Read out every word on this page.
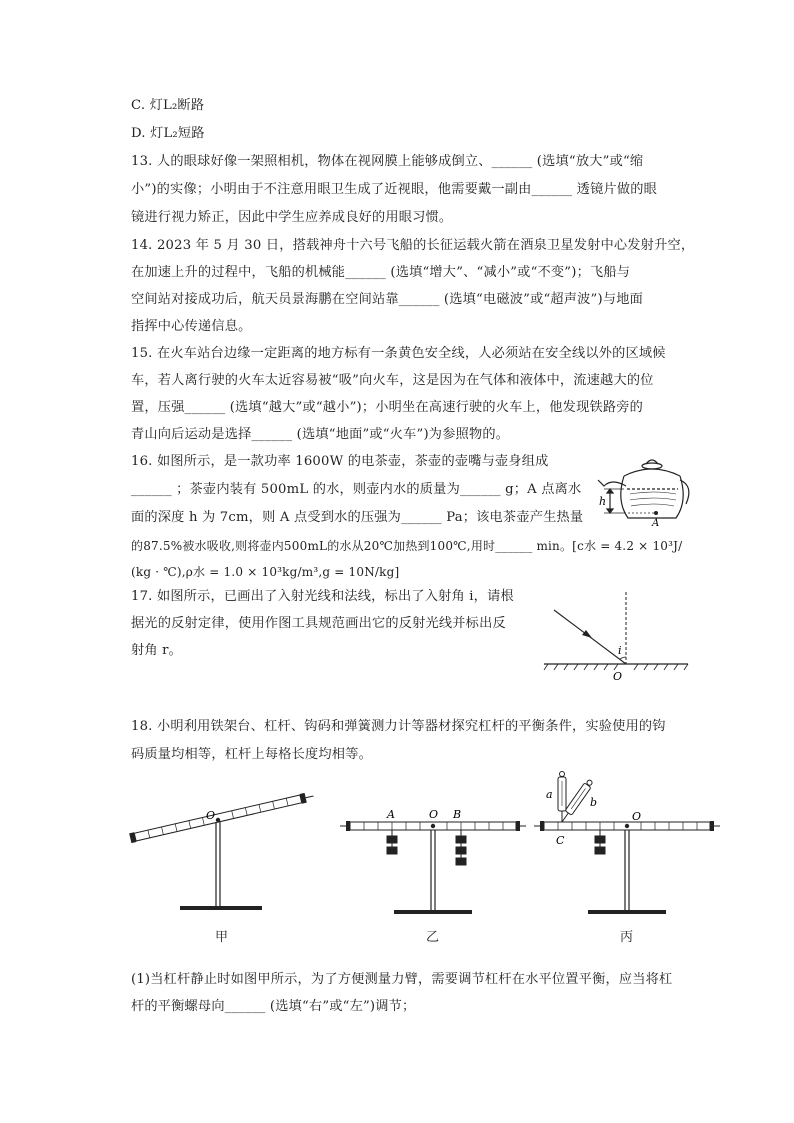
C. 灯L₂断路
D. 灯L₂短路
13. 人的眼球好像一架照相机，物体在视网膜上能够成倒立、______ (选填“放大”或“缩
小”)的实像；小明由于不注意用眼卫生成了近视眼，他需要戴一副由______ 透镜片做的眼
镜进行视力矫正，因此中学生应养成良好的用眼习惯。
14. 2023 年 5 月 30 日，搭载神舟十六号飞船的长征运载火箭在酒泉卫星发射中心发射升空，
在加速上升的过程中，飞船的机械能______ (选填“增大”、“减小”或“不变”)；飞船与
空间站对接成功后，航天员景海鹏在空间站靠______ (选填“电磁波”或“超声波”)与地面
指挥中心传递信息。
15. 在火车站台边缘一定距离的地方标有一条黄色安全线，人必须站在安全线以外的区域候
车，若人离行驶的火车太近容易被“吸”向火车，这是因为在气体和液体中，流速越大的位
置，压强______ (选填“越大”或“越小”)；小明坐在高速行驶的火车上，他发现铁路旁的
青山向后运动是选择______ (选填“地面”或“火车”)为参照物的。
16. 如图所示，是一款功率 1600W 的电茶壶，茶壶的壶嘴与壶身组成
______ ；茶壶内装有 500mL 的水，则壶内水的质量为______ g；A 点离水
面的深度 h 为 7cm，则 A 点受到水的压强为______ Pa；该电茶壶产生热量
的87.5%被水吸收,则将壶内500mL的水从20℃加热到100℃,用时______ min。[c水 = 4.2 × 10³J/
(kg · ℃),ρ水 = 1.0 × 10³kg/m³,g = 10N/kg]
17. 如图所示，已画出了入射光线和法线，标出了入射角 i，请根
据光的反射定律，使用作图工具规范画出它的反射光线并标出反
射角 r。
18. 小明利用铁架台、杠杆、钩码和弹簧测力计等器材探究杠杆的平衡条件，实验使用的钩
码质量均相等，杠杆上每格长度均相等。
(1)当杠杆静止时如图甲所示，为了方便测量力臂，需要调节杠杆在水平位置平衡，应当将杠
杆的平衡螺母向______ (选填“右”或“左”)调节；
h
A
i
O
O
甲
A	O B
乙
a
b
C
O
丙
